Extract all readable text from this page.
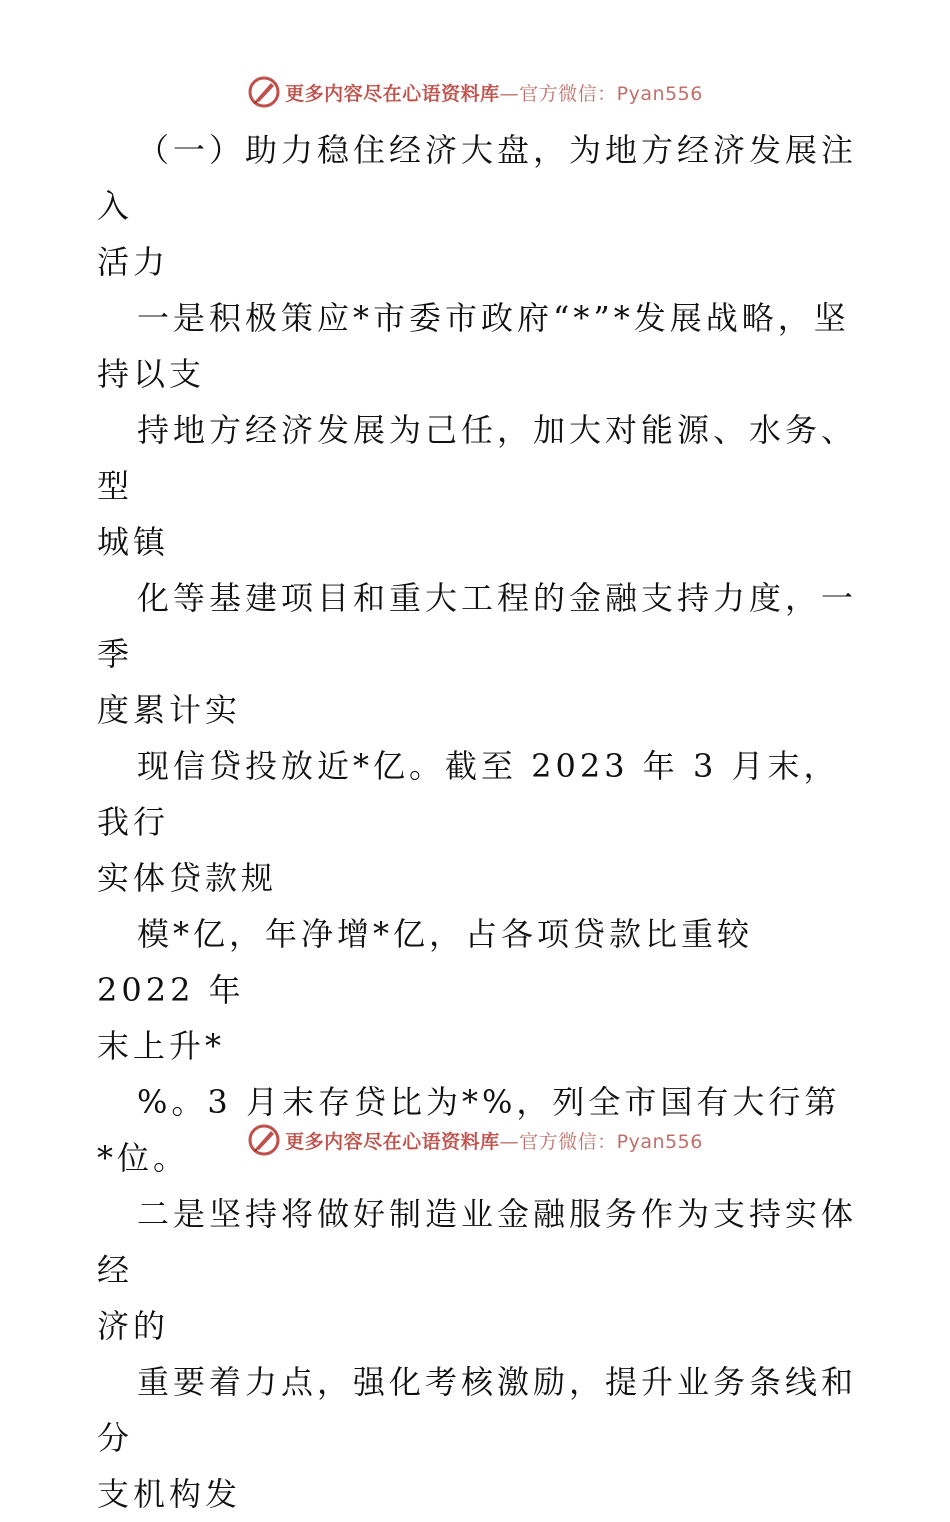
更多内容尽在心语资料库—官方微信：Pyan556

（一）助力稳住经济大盘，为地方经济发展注入

活力

一是积极策应*市委市政府“*”*发展战略，坚

持以支

持地方经济发展为己任，加大对能源、水务、型

城镇

化等基建项目和重大工程的金融支持力度，一季

度累计实

现信贷投放近*亿。截至 2023 年 3 月末，我行

实体贷款规

模*亿，年净增*亿，占各项贷款比重较 2022 年

末上升*

%。3 月末存贷比为*%，列全市国有大行第*位。

二是坚持将做好制造业金融服务作为支持实体经

济的

重要着力点，强化考核激励，提升业务条线和分

支机构发

更多内容尽在心语资料库—官方微信：Pyan556
